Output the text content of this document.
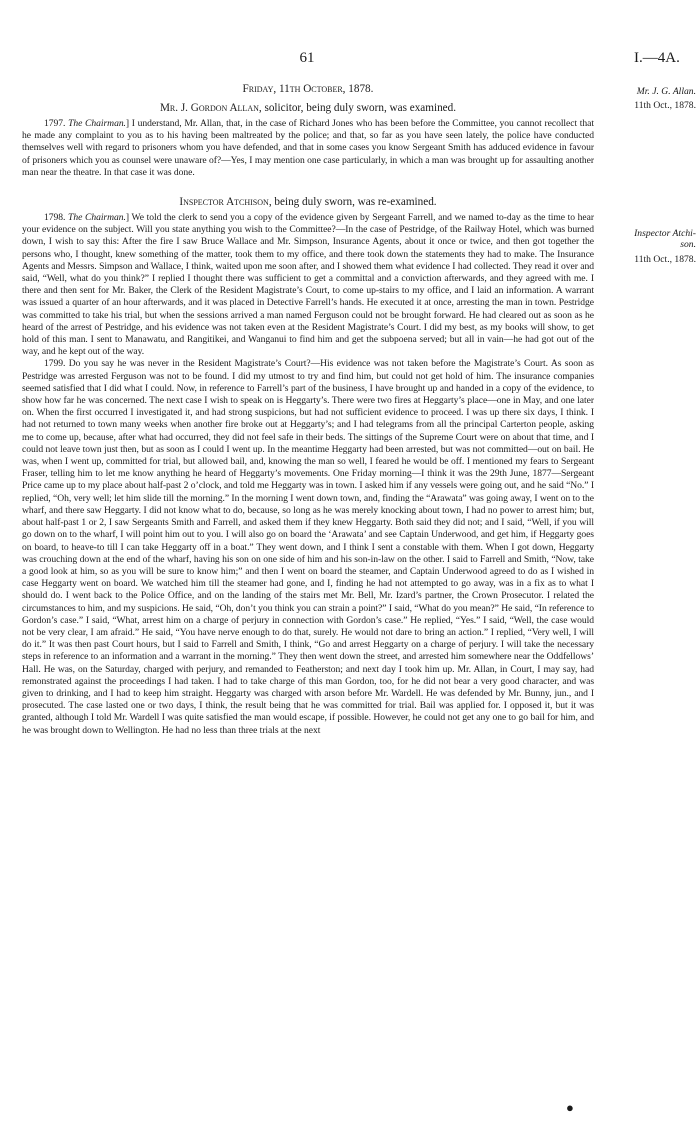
61	I.—4A.
Mr. J. G. Allan.
11th Oct., 1878.
Inspector Atchi-
son.
11th Oct., 1878.
Friday, 11th October, 1878.
Mr. J. Gordon Allan, solicitor, being duly sworn, was examined.

1797. The Chairman.] I understand, Mr. Allan, that, in the case of Richard Jones who has been before the Committee, you cannot recollect that he made any complaint to you as to his having been maltreated by the police; and that, so far as you have seen lately, the police have conducted themselves well with regard to prisoners whom you have defended, and that in some cases you know Sergeant Smith has adduced evidence in favour of prisoners which you as counsel were unaware of?—Yes, I may mention one case particularly, in which a man was brought up for assaulting another man near the theatre. In that case it was done.

Inspector Atchison, being duly sworn, was re-examined.

1798. The Chairman.] We told the clerk to send you a copy of the evidence given by Sergeant Farrell, and we named to-day as the time to hear your evidence on the subject. Will you state anything you wish to the Committee?—In the case of Pestridge, of the Railway Hotel, which was burned down, I wish to say this: After the fire I saw Bruce Wallace and Mr. Simpson, Insurance Agents, about it once or twice, and then got together the persons who, I thought, knew something of the matter, took them to my office, and there took down the statements they had to make. The Insurance Agents and Messrs. Simpson and Wallace, I think, waited upon me soon after, and I showed them what evidence I had collected. They read it over and said, “Well, what do you think?” I replied I thought there was sufficient to get a committal and a conviction afterwards, and they agreed with me. I there and then sent for Mr. Baker, the Clerk of the Resident Magistrate’s Court, to come up-stairs to my office, and I laid an information. A warrant was issued a quarter of an hour afterwards, and it was placed in Detective Farrell’s hands. He executed it at once, arresting the man in town. Pestridge was committed to take his trial, but when the sessions arrived a man named Ferguson could not be brought forward. He had cleared out as soon as he heard of the arrest of Pestridge, and his evidence was not taken even at the Resident Magistrate’s Court. I did my best, as my books will show, to get hold of this man. I sent to Manawatu, and Rangitikei, and Wanganui to find him and get the subpoena served; but all in vain—he had got out of the way, and he kept out of the way.

1799. Do you say he was never in the Resident Magistrate’s Court?—His evidence was not taken before the Magistrate’s Court. As soon as Pestridge was arrested Ferguson was not to be found. I did my utmost to try and find him, but could not get hold of him. The insurance companies seemed satisfied that I did what I could. Now, in reference to Farrell’s part of the business, I have brought up and handed in a copy of the evidence, to show how far he was concerned. The next case I wish to speak on is Heggarty’s. There were two fires at Heggarty’s place—one in May, and one later on. When the first occurred I investigated it, and had strong suspicions, but had not sufficient evidence to proceed. I was up there six days, I think. I had not returned to town many weeks when another fire broke out at Heggarty’s; and I had telegrams from all the principal Carterton people, asking me to come up, because, after what had occurred, they did not feel safe in their beds. The sittings of the Supreme Court were on about that time, and I could not leave town just then, but as soon as I could I went up. In the meantime Heggarty had been arrested, but was not committed—out on bail. He was, when I went up, committed for trial, but allowed bail, and, knowing the man so well, I feared he would be off. I mentioned my fears to Sergeant Fraser, telling him to let me know anything he heard of Heggarty’s movements. One Friday morning—I think it was the 29th June, 1877—Sergeant Price came up to my place about half-past 2 o’clock, and told me Heggarty was in town. I asked him if any vessels were going out, and he said “No.” I replied, “Oh, very well; let him slide till the morning.” In the morning I went down town, and, finding the “Arawata” was going away, I went on to the wharf, and there saw Heggarty. I did not know what to do, because, so long as he was merely knocking about town, I had no power to arrest him; but, about half-past 1 or 2, I saw Sergeants Smith and Farrell, and asked them if they knew Heggarty. Both said they did not; and I said, “Well, if you will go down on to the wharf, I will point him out to you. I will also go on board the ‘Arawata’ and see Captain Underwood, and get him, if Heggarty goes on board, to heave-to till I can take Heggarty off in a boat.” They went down, and I think I sent a constable with them. When I got down, Heggarty was crouching down at the end of the wharf, having his son on one side of him and his son-in-law on the other. I said to Farrell and Smith, “Now, take a good look at him, so as you will be sure to know him;” and then I went on board the steamer, and Captain Underwood agreed to do as I wished in case Heggarty went on board. We watched him till the steamer had gone, and I, finding he had not attempted to go away, was in a fix as to what I should do. I went back to the Police Office, and on the landing of the stairs met Mr. Bell, Mr. Izard’s partner, the Crown Prosecutor. I related the circumstances to him, and my suspicions. He said, “Oh, don’t you think you can strain a point?” I said, “What do you mean?” He said, “In reference to Gordon’s case.” I said, “What, arrest him on a charge of perjury in connection with Gordon’s case.” He replied, “Yes.” I said, “Well, the case would not be very clear, I am afraid.” He said, “You have nerve enough to do that, surely. He would not dare to bring an action.” I replied, “Very well, I will do it.” It was then past Court hours, but I said to Farrell and Smith, I think, “Go and arrest Heggarty on a charge of perjury. I will take the necessary steps in reference to an information and a warrant in the morning.” They then went down the street, and arrested him somewhere near the Oddfellows’ Hall. He was, on the Saturday, charged with perjury, and remanded to Featherston; and next day I took him up. Mr. Allan, in Court, I may say, had remonstrated against the proceedings I had taken. I had to take charge of this man Gordon, too, for he did not bear a very good character, and was given to drinking, and I had to keep him straight. Heggarty was charged with arson before Mr. Wardell. He was defended by Mr. Bunny, jun., and I prosecuted. The case lasted one or two days, I think, the result being that he was committed for trial. Bail was applied for. I opposed it, but it was granted, although I told Mr. Wardell I was quite satisfied the man would escape, if possible. However, he could not get any one to go bail for him, and he was brought down to Wellington. He had no less than three trials at the next

●
